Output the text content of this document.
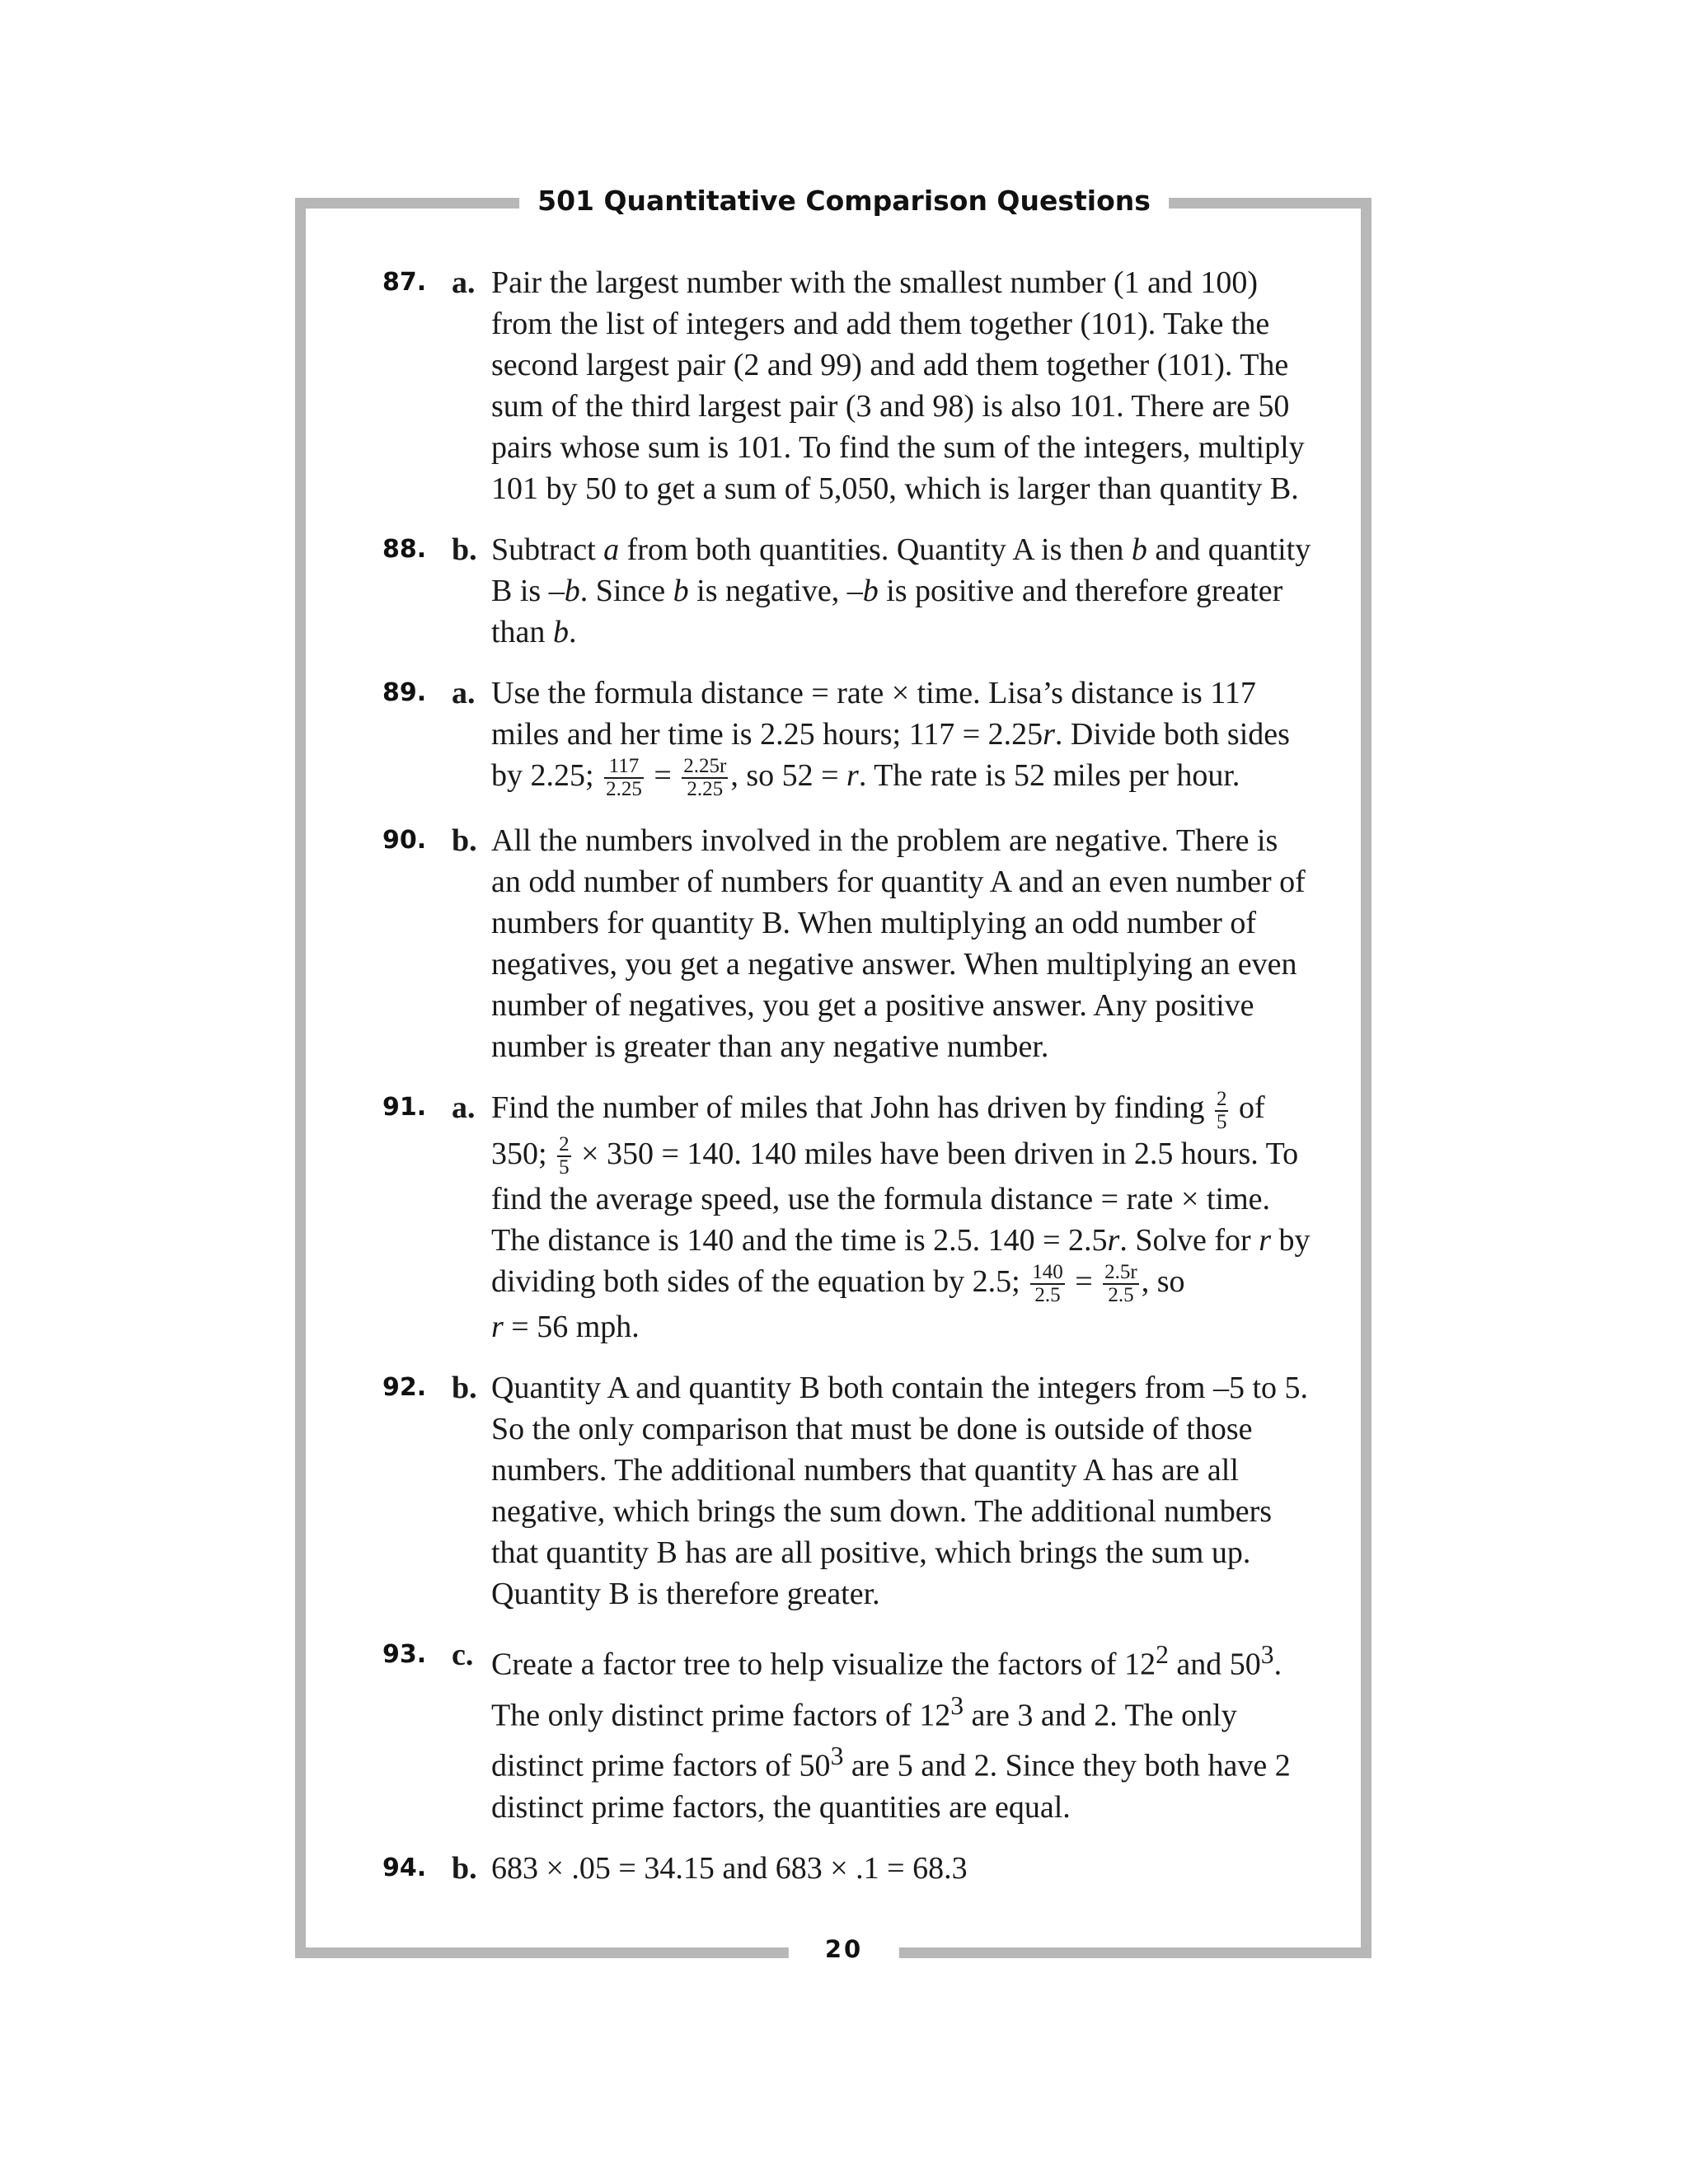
501 Quantitative Comparison Questions
87. a. Pair the largest number with the smallest number (1 and 100) from the list of integers and add them together (101). Take the second largest pair (2 and 99) and add them together (101). The sum of the third largest pair (3 and 98) is also 101. There are 50 pairs whose sum is 101. To find the sum of the integers, multiply 101 by 50 to get a sum of 5,050, which is larger than quantity B.
88. b. Subtract a from both quantities. Quantity A is then b and quantity B is –b. Since b is negative, –b is positive and therefore greater than b.
89. a. Use the formula distance = rate × time. Lisa’s distance is 117 miles and her time is 2.25 hours; 117 = 2.25r. Divide both sides by 2.25; $\frac{117}{2.25} = \frac{2.25r}{2.25}$ , so 52 = r. The rate is 52 miles per hour.
90. b. All the numbers involved in the problem are negative. There is an odd number of numbers for quantity A and an even number of numbers for quantity B. When multiplying an odd number of negatives, you get a negative answer. When multiplying an even number of negatives, you get a positive answer. Any positive number is greater than any negative number.
91. a. Find the number of miles that John has driven by finding $\frac{2}{5}$ of 350; $\frac{2}{5} \times 350 = 140$. 140 miles have been driven in 2.5 hours. To find the average speed, use the formula distance = rate × time. The distance is 140 and the time is 2.5. 140 = 2.5r. Solve for r by dividing both sides of the equation by 2.5; $\frac{140}{2.5} = \frac{2.5r}{2.5}$ , so
r = 56 mph.
92. b. Quantity A and quantity B both contain the integers from –5 to 5. So the only comparison that must be done is outside of those numbers. The additional numbers that quantity A has are all negative, which brings the sum down. The additional numbers that quantity B has are all positive, which brings the sum up. Quantity B is therefore greater.
93. c. Create a factor tree to help visualize the factors of $12^2$ and $50^3$. The only distinct prime factors of $12^3$ are 3 and 2. The only distinct prime factors of $50^3$ are 5 and 2. Since they both have 2 distinct prime factors, the quantities are equal.
94. b. 683 × .05 = 34.15 and 683 × .1 = 68.3
20
